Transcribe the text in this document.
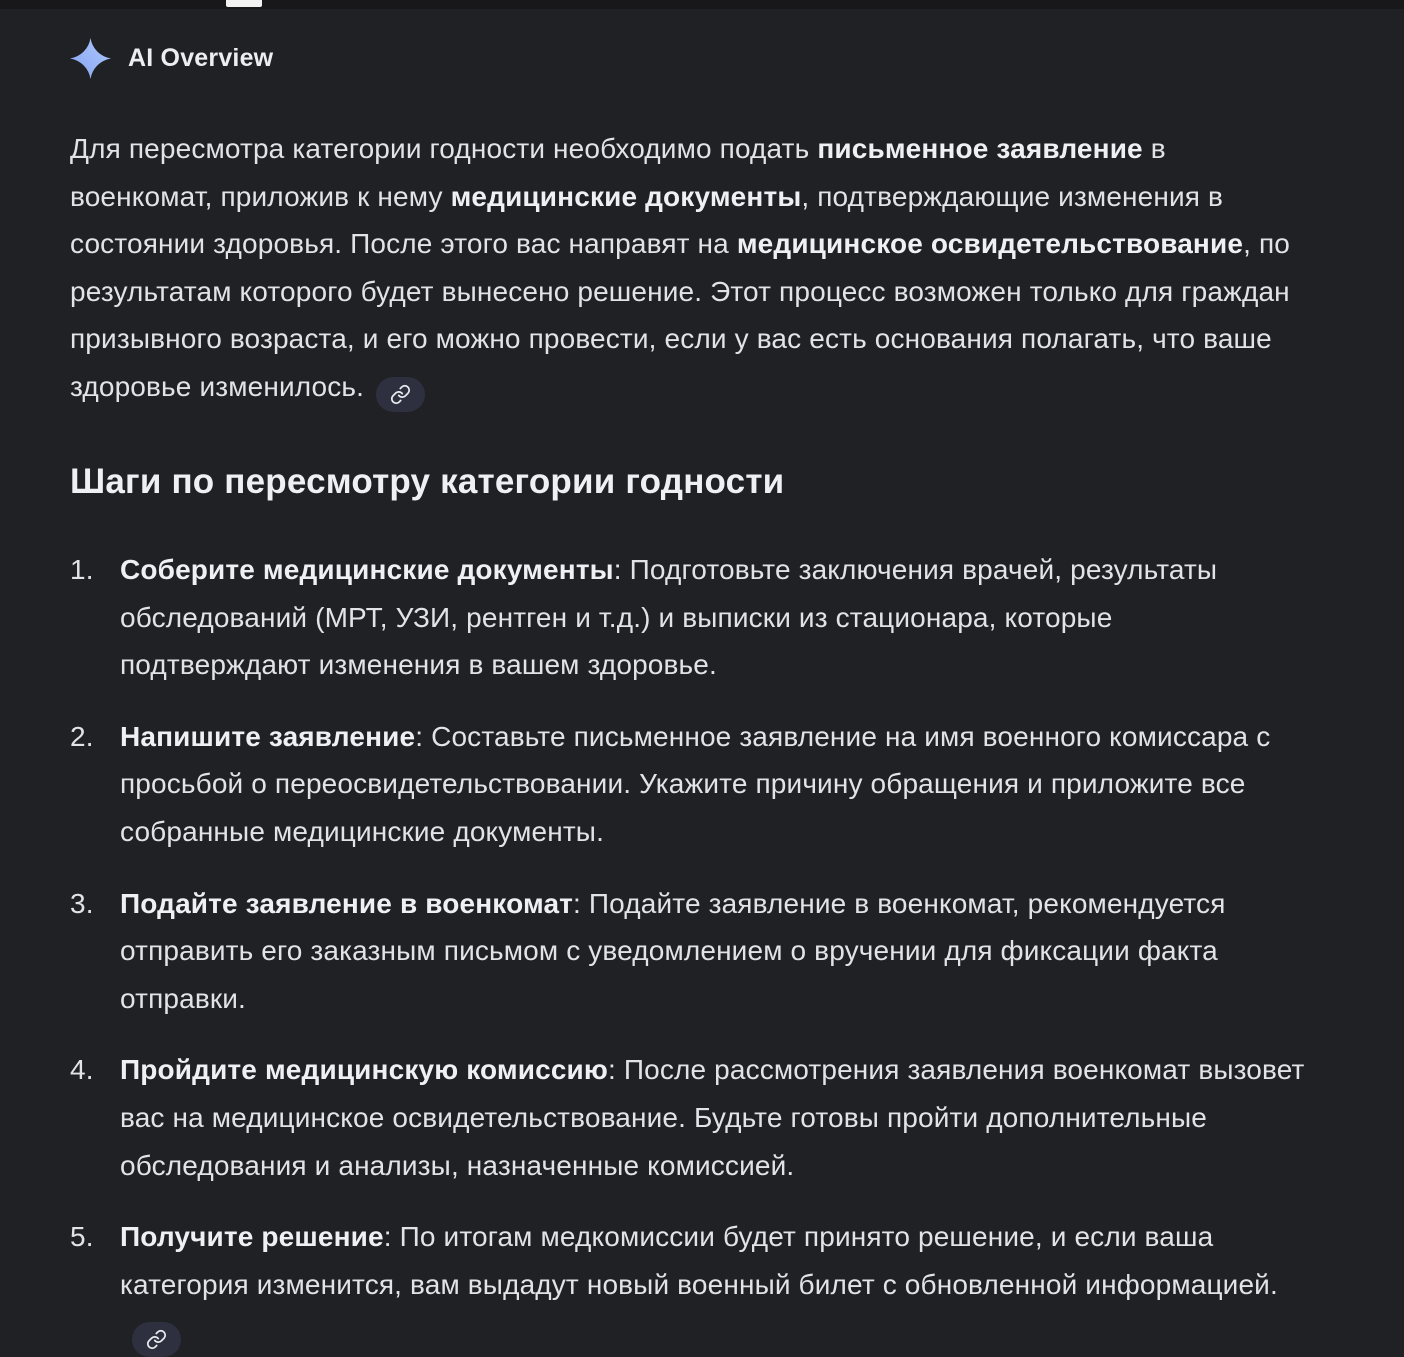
AI Overview

Для пересмотра категории годности необходимо подать письменное заявление в военкомат, приложив к нему медицинские документы, подтверждающие изменения в состоянии здоровья. После этого вас направят на медицинское освидетельствование, по результатам которого будет вынесено решение. Этот процесс возможен только для граждан призывного возраста, и его можно провести, если у вас есть основания полагать, что ваше здоровье изменилось.

Шаги по пересмотру категории годности
1. Соберите медицинские документы: Подготовьте заключения врачей, результаты обследований (МРТ, УЗИ, рентген и т.д.) и выписки из стационара, которые подтверждают изменения в вашем здоровье.
2. Напишите заявление: Составьте письменное заявление на имя военного комиссара с просьбой о переосвидетельствовании. Укажите причину обращения и приложите все собранные медицинские документы.
3. Подайте заявление в военкомат: Подайте заявление в военкомат, рекомендуется отправить его заказным письмом с уведомлением о вручении для фиксации факта отправки.
4. Пройдите медицинскую комиссию: После рассмотрения заявления военкомат вызовет вас на медицинское освидетельствование. Будьте готовы пройти дополнительные обследования и анализы, назначенные комиссией.
5. Получите решение: По итогам медкомиссии будет принято решение, и если ваша категория изменится, вам выдадут новый военный билет с обновленной информацией.
